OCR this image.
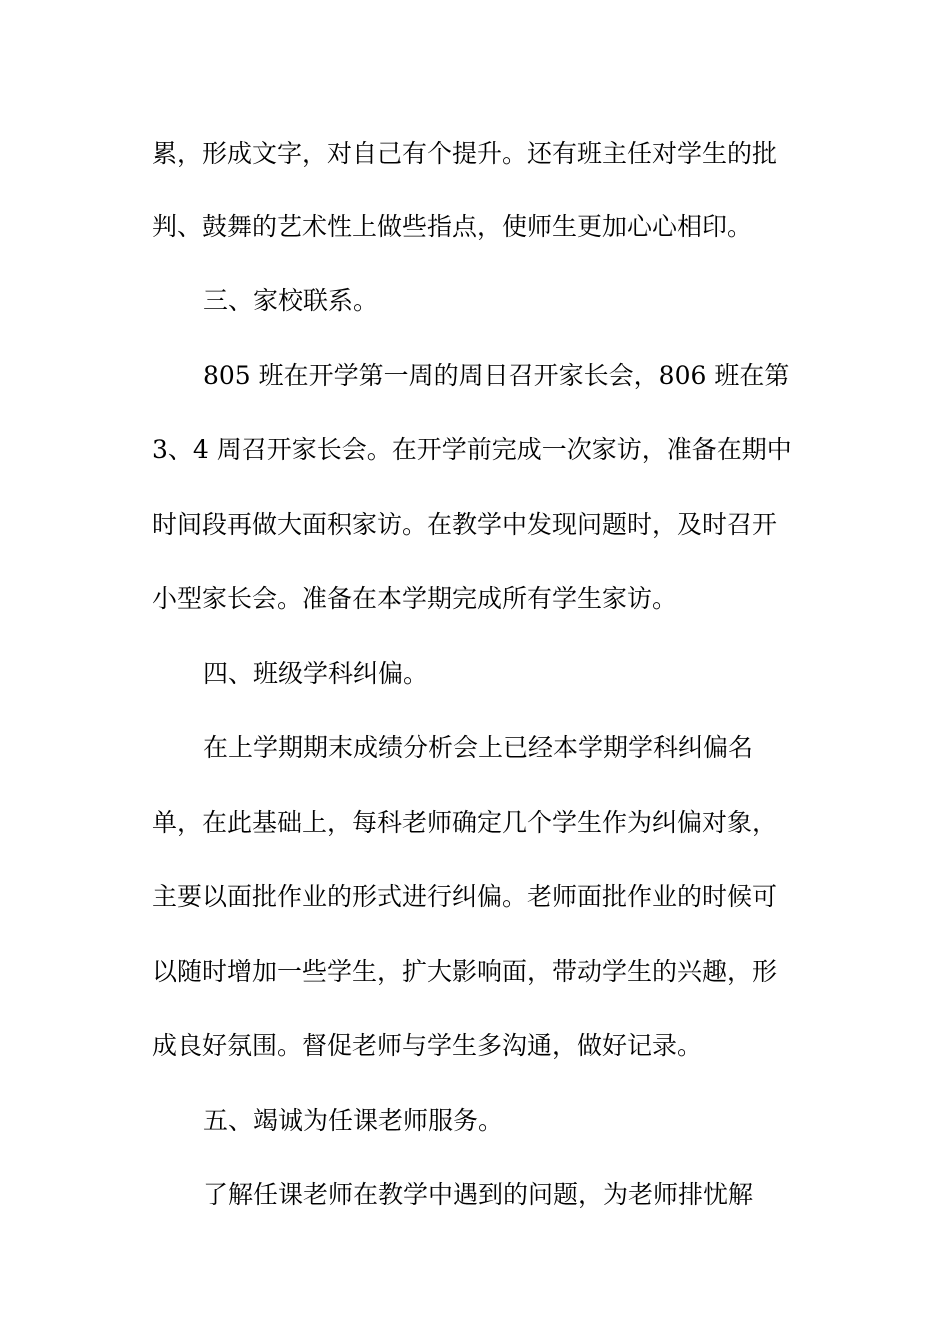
累，形成文字，对自己有个提升。还有班主任对学生的批
判、鼓舞的艺术性上做些指点，使师生更加心心相印。
三、家校联系。
805 班在开学第一周的周日召开家长会，806 班在第
3、4 周召开家长会。在开学前完成一次家访，准备在期中
时间段再做大面积家访。在教学中发现问题时，及时召开
小型家长会。准备在本学期完成所有学生家访。
四、班级学科纠偏。
在上学期期末成绩分析会上已经本学期学科纠偏名
单，在此基础上，每科老师确定几个学生作为纠偏对象，
主要以面批作业的形式进行纠偏。老师面批作业的时候可
以随时增加一些学生，扩大影响面，带动学生的兴趣，形
成良好氛围。督促老师与学生多沟通，做好记录。
五、竭诚为任课老师服务。
了解任课老师在教学中遇到的问题，为老师排忧解
